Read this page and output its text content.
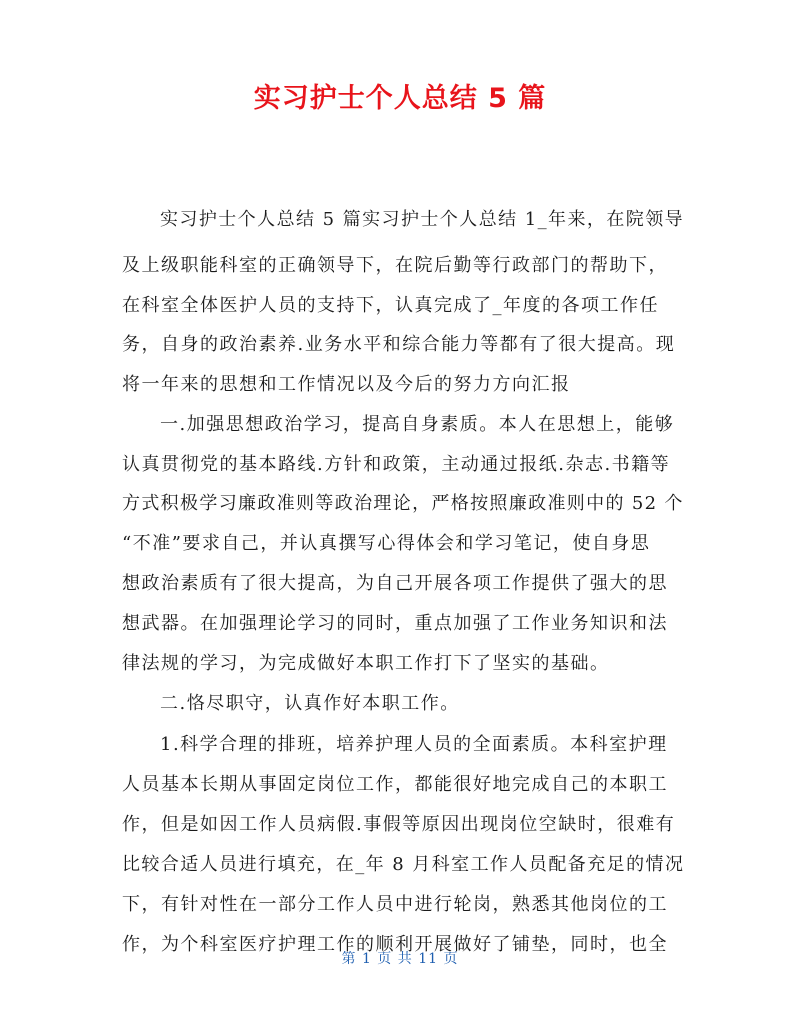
实习护士个人总结 5 篇
实习护士个人总结 5 篇实习护士个人总结 1_年来，在院领导
及上级职能科室的正确领导下，在院后勤等行政部门的帮助下，
在科室全体医护人员的支持下，认真完成了_年度的各项工作任
务，自身的政治素养.业务水平和综合能力等都有了很大提高。现
将一年来的思想和工作情况以及今后的努力方向汇报
一.加强思想政治学习，提高自身素质。本人在思想上，能够
认真贯彻党的基本路线.方针和政策，主动通过报纸.杂志.书籍等
方式积极学习廉政准则等政治理论，严格按照廉政准则中的 52 个
“不准”要求自己，并认真撰写心得体会和学习笔记，使自身思
想政治素质有了很大提高，为自己开展各项工作提供了强大的思
想武器。在加强理论学习的同时，重点加强了工作业务知识和法
律法规的学习，为完成做好本职工作打下了坚实的基础。
二.恪尽职守，认真作好本职工作。
1.科学合理的排班，培养护理人员的全面素质。本科室护理
人员基本长期从事固定岗位工作，都能很好地完成自己的本职工
作，但是如因工作人员病假.事假等原因出现岗位空缺时，很难有
比较合适人员进行填充，在_年 8 月科室工作人员配备充足的情况
下，有针对性在一部分工作人员中进行轮岗，熟悉其他岗位的工
作，为个科室医疗护理工作的顺利开展做好了铺垫，同时，也全
第 1 页 共 11 页
